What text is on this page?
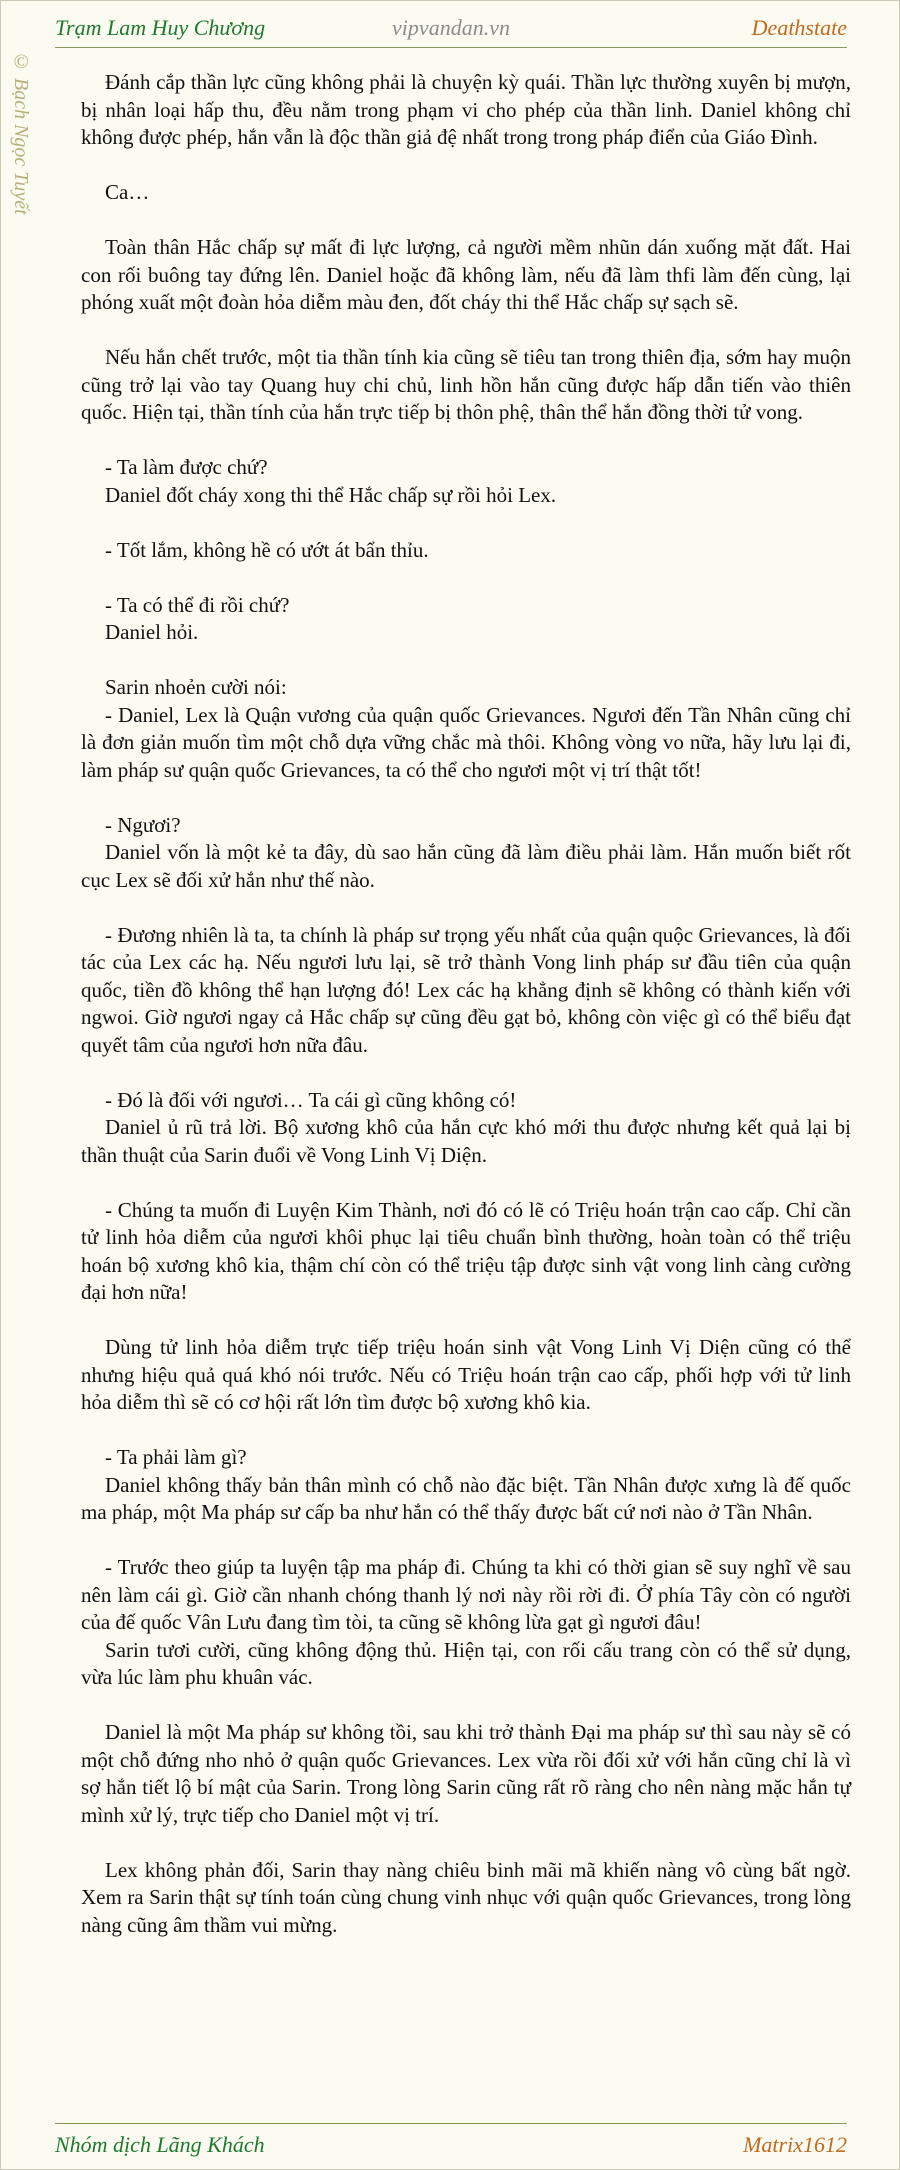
Trạm Lam Huy Chương	vipvandan.vn	Deathstate
© Bạch Ngọc Tuyết	Đánh cắp thần lực cũng không phải là chuyện kỳ quái. Thần lực thường xuyên bị mượn, bị nhân loại hấp thu, đều nằm trong phạm vi cho phép của thần linh. Daniel không chỉ không được phép, hắn vẫn là độc thần giả đệ nhất trong trong pháp điển của Giáo Đình.

Ca…

Toàn thân Hắc chấp sự mất đi lực lượng, cả người mềm nhũn dán xuống mặt đất. Hai con rối buông tay đứng lên. Daniel hoặc đã không làm, nếu đã làm thfi làm đến cùng, lại phóng xuất một đoàn hỏa diễm màu đen, đốt cháy thi thể Hắc chấp sự sạch sẽ.

Nếu hắn chết trước, một tia thần tính kia cũng sẽ tiêu tan trong thiên địa, sớm hay muộn cũng trở lại vào tay Quang huy chi chủ, linh hồn hắn cũng được hấp dẫn tiến vào thiên quốc. Hiện tại, thần tính của hắn trực tiếp bị thôn phệ, thân thể hắn đồng thời tử vong.

- Ta làm được chứ?
Daniel đốt cháy xong thi thể Hắc chấp sự rồi hỏi Lex.

- Tốt lắm, không hề có ướt át bẩn thỉu.

- Ta có thể đi rồi chứ?
Daniel hỏi.

Sarin nhoẻn cười nói:
- Daniel, Lex là Quận vương của quận quốc Grievances. Ngươi đến Tần Nhân cũng chỉ là đơn giản muốn tìm một chỗ dựa vững chắc mà thôi. Không vòng vo nữa, hãy lưu lại đi, làm pháp sư quận quốc Grievances, ta có thể cho ngươi một vị trí thật tốt!

- Ngươi?
Daniel vốn là một kẻ ta đây, dù sao hắn cũng đã làm điều phải làm. Hắn muốn biết rốt cục Lex sẽ đối xử hắn như thế nào.

- Đương nhiên là ta, ta chính là pháp sư trọng yếu nhất của quận quộc Grievances, là đối tác của Lex các hạ. Nếu ngươi lưu lại, sẽ trở thành Vong linh pháp sư đầu tiên của quận quốc, tiền đồ không thể hạn lượng đó! Lex các hạ khẳng định sẽ không có thành kiến với ngwoi. Giờ ngươi ngay cả Hắc chấp sự cũng đều gạt bỏ, không còn việc gì có thể biểu đạt quyết tâm của ngươi hơn nữa đâu.

- Đó là đối với ngươi… Ta cái gì cũng không có!
Daniel ủ rũ trả lời. Bộ xương khô của hắn cực khó mới thu được nhưng kết quả lại bị thần thuật của Sarin đuổi về Vong Linh Vị Diện.

- Chúng ta muốn đi Luyện Kim Thành, nơi đó có lẽ có Triệu hoán trận cao cấp. Chỉ cần tử linh hỏa diễm của ngươi khôi phục lại tiêu chuẩn bình thường, hoàn toàn có thể triệu hoán bộ xương khô kia, thậm chí còn có thể triệu tập được sinh vật vong linh càng cường đại hơn nữa!

Dùng tử linh hỏa diễm trực tiếp triệu hoán sinh vật Vong Linh Vị Diện cũng có thể nhưng hiệu quả quá khó nói trước. Nếu có Triệu hoán trận cao cấp, phối hợp với tử linh hỏa diễm thì sẽ có cơ hội rất lớn tìm được bộ xương khô kia.

- Ta phải làm gì?
Daniel không thấy bản thân mình có chỗ nào đặc biệt. Tần Nhân được xưng là đế quốc ma pháp, một Ma pháp sư cấp ba như hắn có thể thấy được bất cứ nơi nào ở Tần Nhân.

- Trước theo giúp ta luyện tập ma pháp đi. Chúng ta khi có thời gian sẽ suy nghĩ về sau nên làm cái gì. Giờ cần nhanh chóng thanh lý nơi này rồi rời đi. Ở phía Tây còn có người của đế quốc Vân Lưu đang tìm tòi, ta cũng sẽ không lừa gạt gì ngươi đâu!
Sarin tươi cười, cũng không động thủ. Hiện tại, con rối cấu trang còn có thể sử dụng, vừa lúc làm phu khuân vác.

Daniel là một Ma pháp sư không tồi, sau khi trở thành Đại ma pháp sư thì sau này sẽ có một chỗ đứng nho nhỏ ở quận quốc Grievances. Lex vừa rồi đối xử với hắn cũng chỉ là vì sợ hắn tiết lộ bí mật của Sarin. Trong lòng Sarin cũng rất rõ ràng cho nên nàng mặc hắn tự mình xử lý, trực tiếp cho Daniel một vị trí.

Lex không phản đối, Sarin thay nàng chiêu binh mãi mã khiến nàng vô cùng bất ngờ. Xem ra Sarin thật sự tính toán cùng chung vinh nhục với quận quốc Grievances, trong lòng nàng cũng âm thầm vui mừng.

Nhóm dịch Lãng Khách	Matrix1612
